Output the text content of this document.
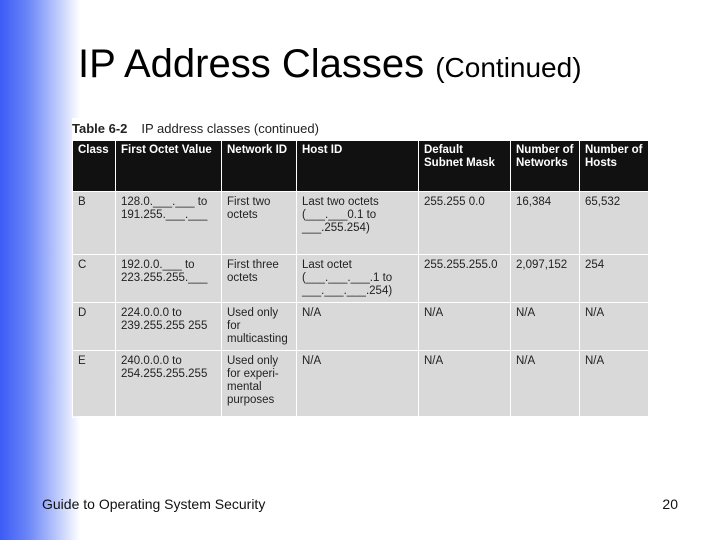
IP Address Classes (Continued)
Table 6-2 IP address classes (continued)
Class	First Octet Value	Network ID	Host ID	Default Subnet Mask	Number of Networks	Number of Hosts
B	128.0.___.___ to 191.255.___.___	First two octets	Last two octets (___.___0.1 to ___.255.254)	255.255 0.0	16,384	65,532
C	192.0.0.___ to 223.255.255.___	First three octets	Last octet (___.___.___.1 to ___.___.___.254)	255.255.255.0	2,097,152	254
D	224.0.0.0 to 239.255.255 255	Used only for multicasting	N/A	N/A	N/A	N/A
E	240.0.0.0 to 254.255.255.255	Used only for experi-mental purposes	N/A	N/A	N/A	N/A
Guide to Operating System Security	20
